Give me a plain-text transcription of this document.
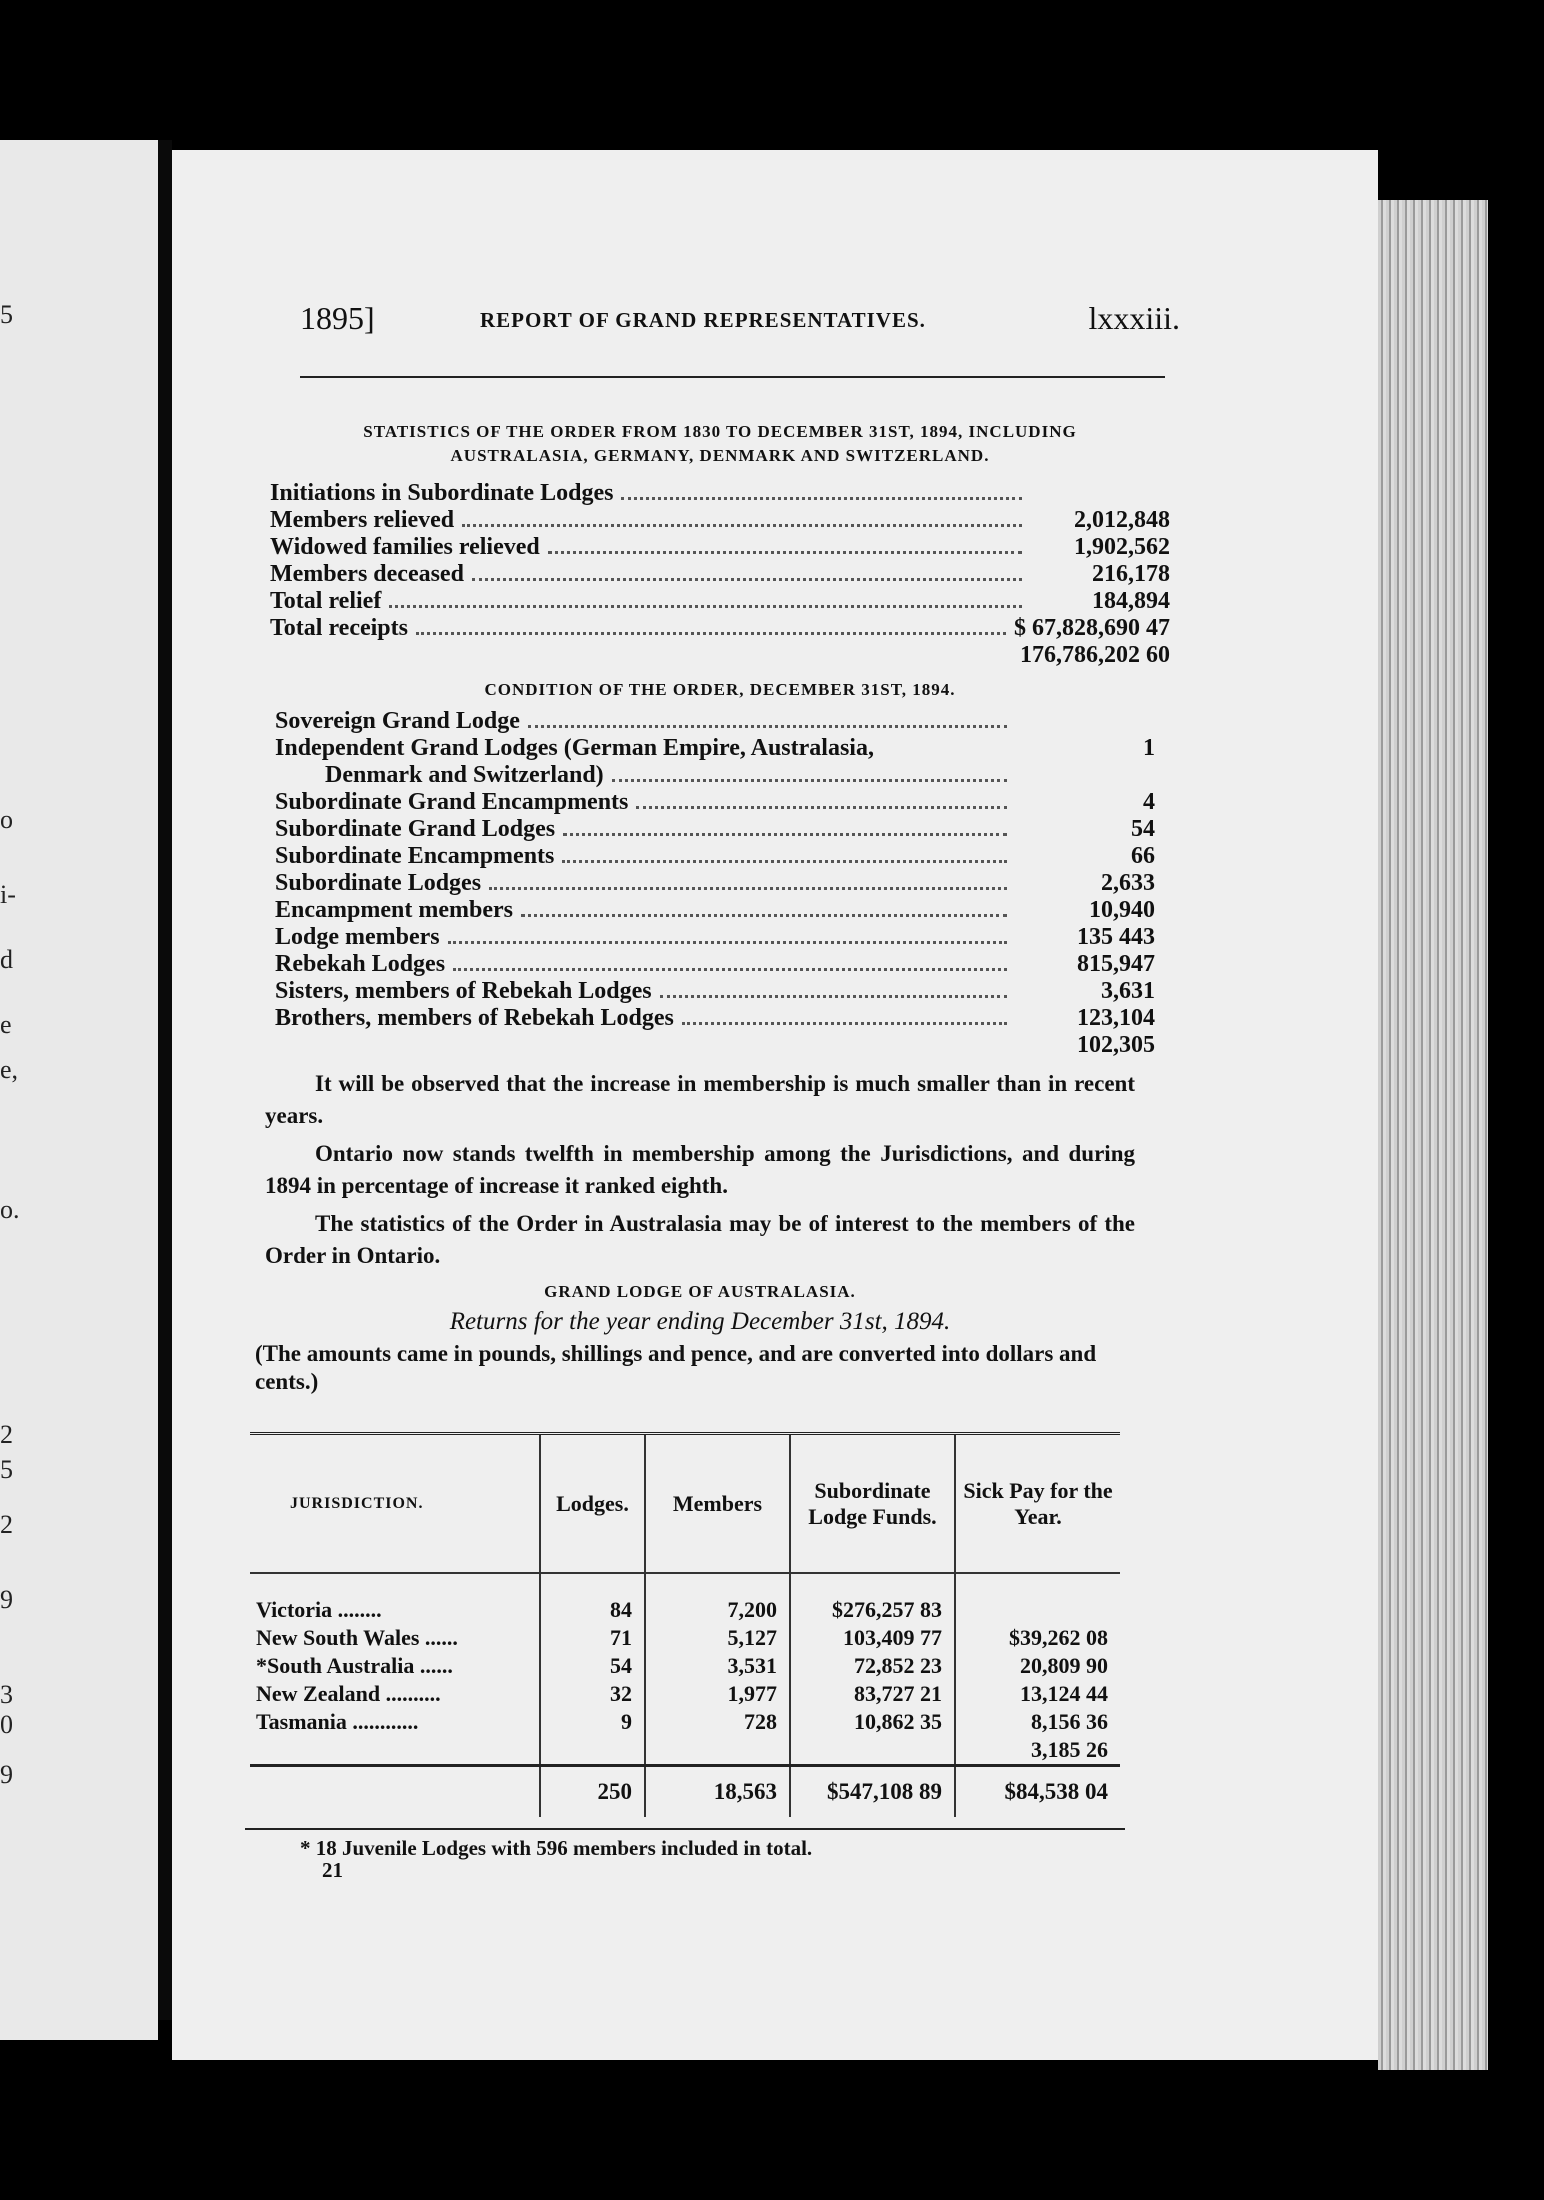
5
o
i-
d
e
e,
o.
2
5
2
9
3
0
9
1895]	REPORT OF GRAND REPRESENTATIVES.	lxxxiii.
STATISTICS OF THE ORDER FROM 1830 TO DECEMBER 31ST, 1894, INCLUDING
AUSTRALASIA, GERMANY, DENMARK AND SWITZERLAND.
Initiations in Subordinate Lodges
Members relieved	2,012,848
Widowed families relieved	1,902,562
Members deceased	216,178
Total relief	184,894
Total receipts	$ 67,828,690 47
176,786,202 60
CONDITION OF THE ORDER, DECEMBER 31ST, 1894.
Sovereign Grand Lodge
Independent Grand Lodges (German Empire, Australasia,	1
Denmark and Switzerland)
Subordinate Grand Encampments	4
Subordinate Grand Lodges	54
Subordinate Encampments	66
Subordinate Lodges	2,633
Encampment members	10,940
Lodge members	135 443
Rebekah Lodges	815,947
Sisters, members of Rebekah Lodges	3,631
Brothers, members of Rebekah Lodges	123,104
102,305

It will be observed that the increase in membership is much smaller than in recent years.

Ontario now stands twelfth in membership among the Jurisdictions, and during 1894 in percentage of increase it ranked eighth.

The statistics of the Order in Australasia may be of interest to the members of the Order in Ontario.

GRAND LODGE OF AUSTRALASIA.
Returns for the year ending December 31st, 1894.
(The amounts came in pounds, shillings and pence, and are converted into dollars and cents.)

JURISDICTION.	Lodges.	Members	Subordinate Lodge Funds.	Sick Pay for the Year.

Victoria ........	84	7,200	$276,257 83	
New South Wales ......	71	5,127	103,409 77	$39,262 08
*South Australia ......	54	3,531	72,852 23	20,809 90
New Zealand ..........	32	1,977	83,727 21	13,124 44
Tasmania ............	9	728	10,862 35	8,156 36
				3,185 26
	250	18,563	$547,108 89	$84,538 04
* 18 Juvenile Lodges with 596 members included in total.
21
